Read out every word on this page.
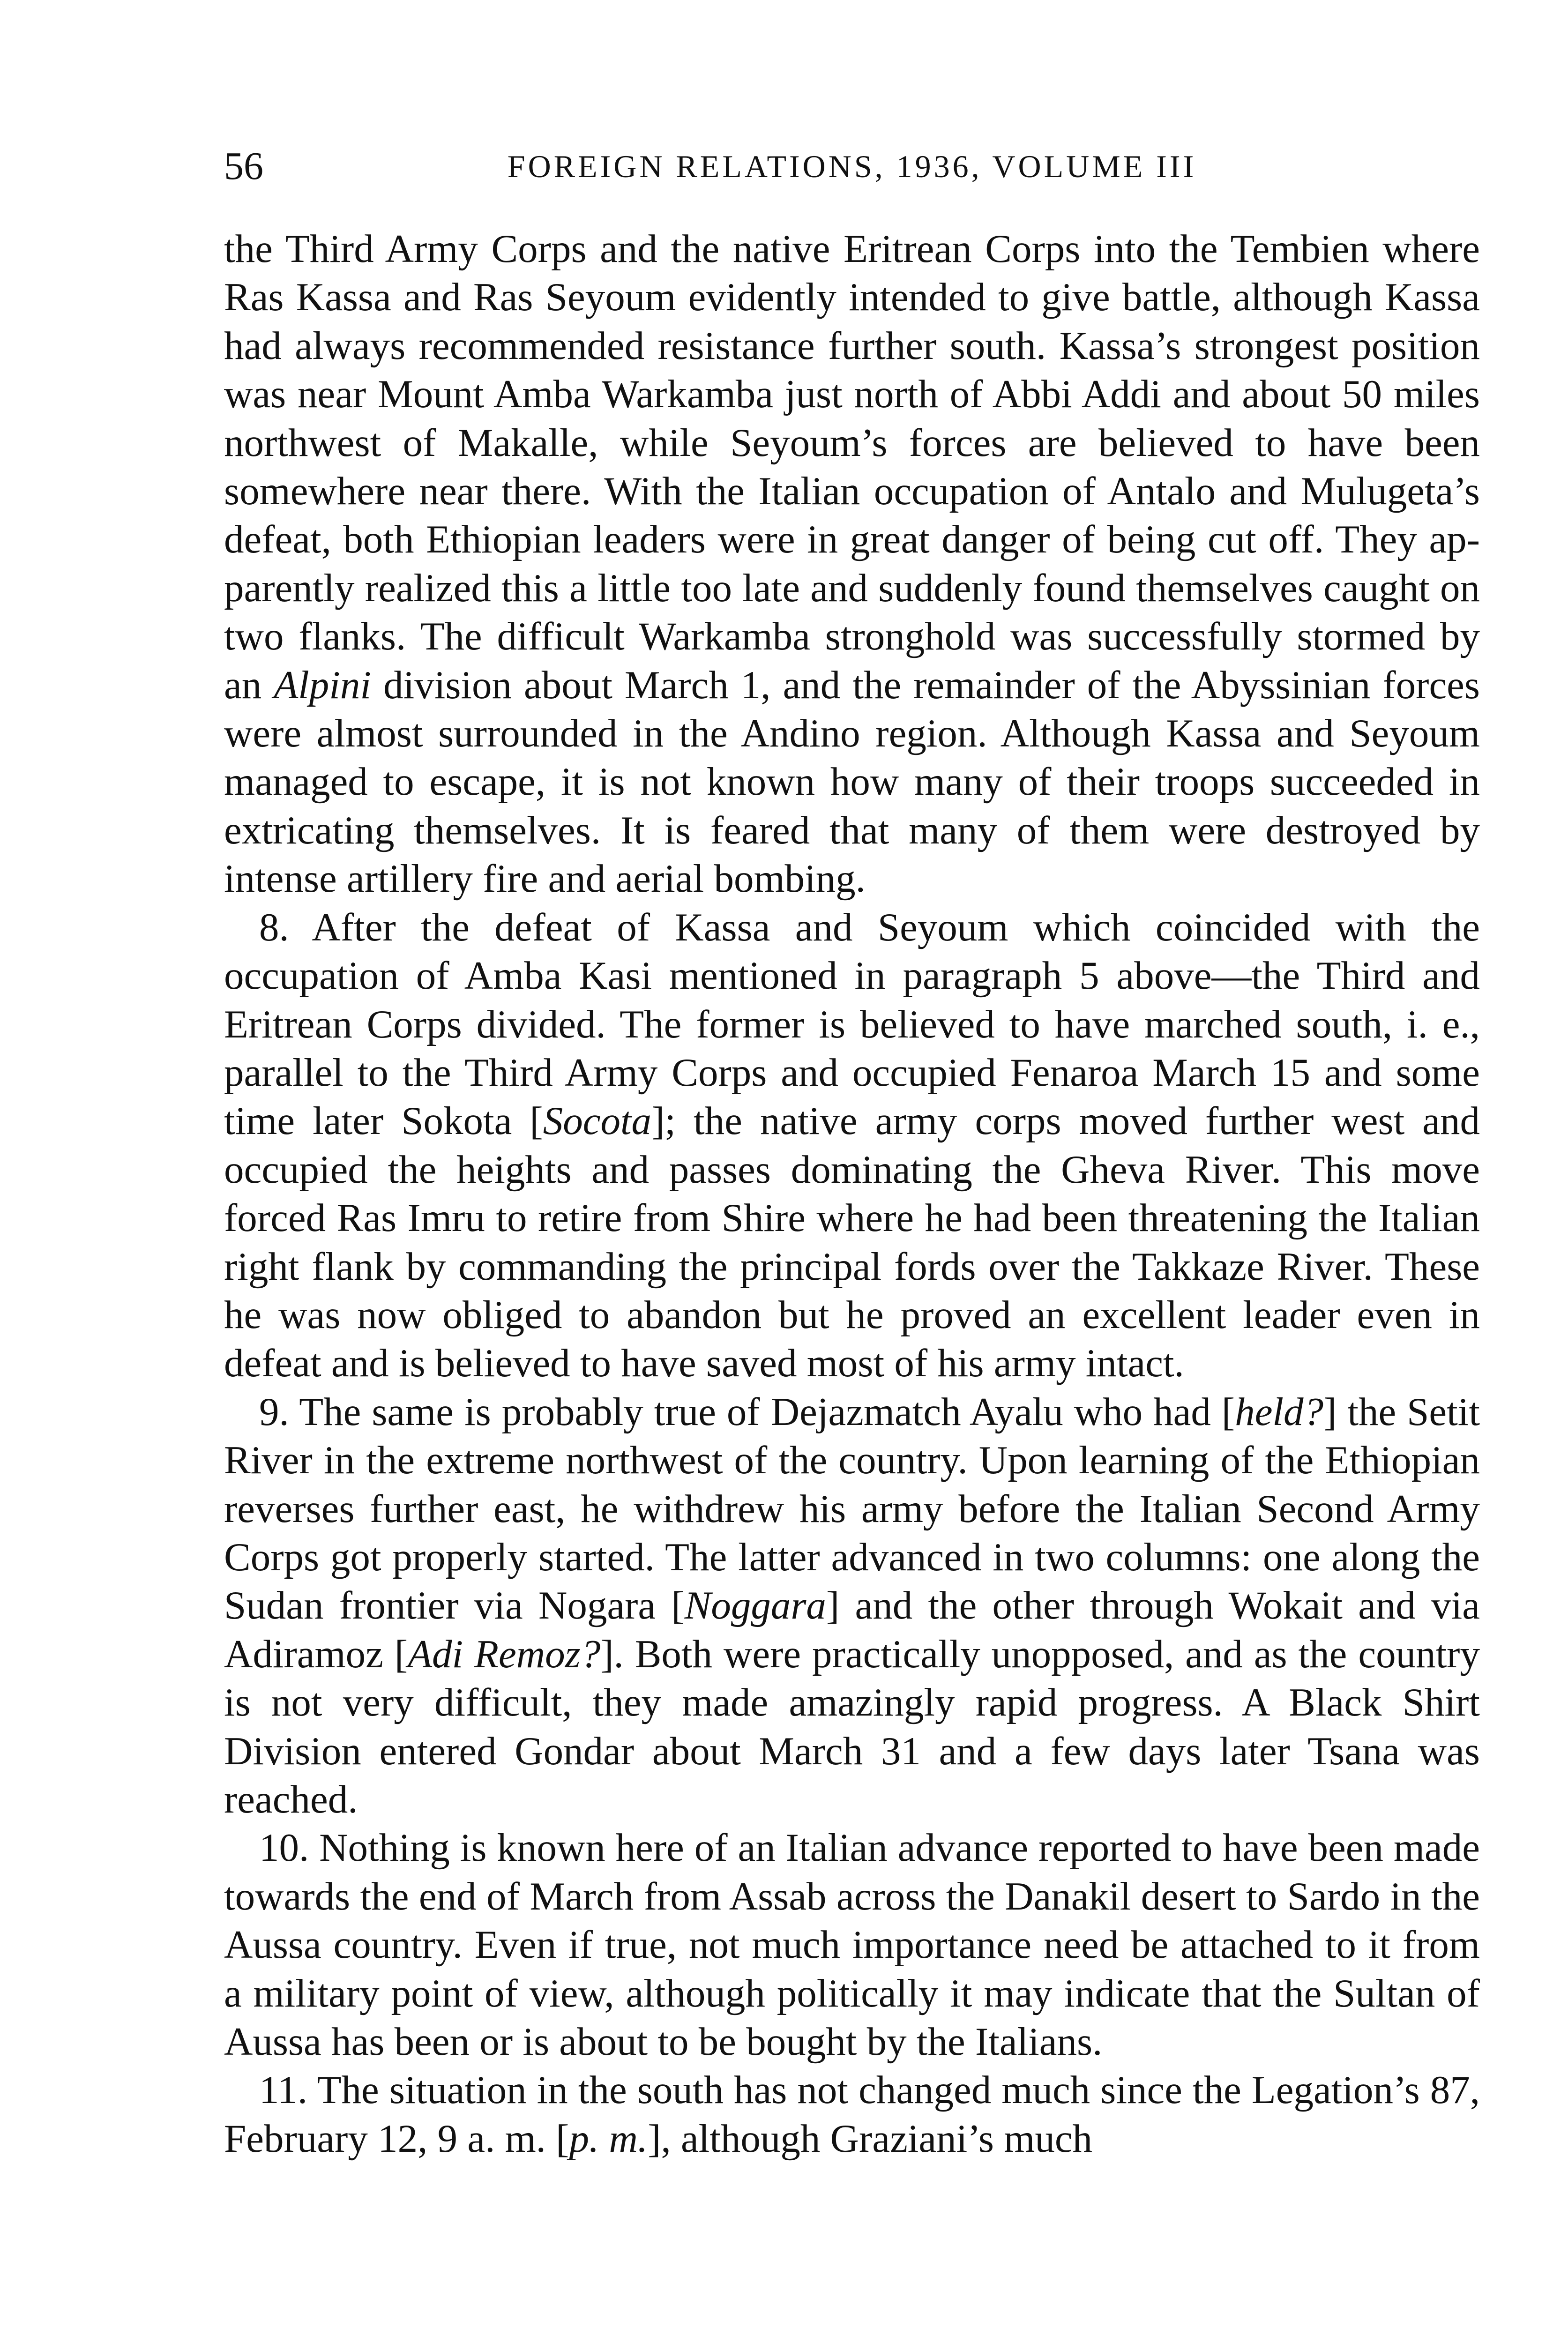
56	FOREIGN RELATIONS, 1936, VOLUME III

the Third Army Corps and the native Eritrean Corps into the Tembien where Ras Kassa and Ras Seyoum evidently intended to give battle, although Kassa had always recommended resistance further south. Kassa’s strongest position was near Mount Amba Warkamba just north of Abbi Addi and about 50 miles northwest of Makalle, while Seyoum’s forces are believed to have been somewhere near there. With the Italian occupation of Antalo and Mulugeta’s defeat, both Ethiopian leaders were in great danger of being cut off. They apparently realized this a little too late and suddenly found themselves caught on two flanks. The difficult Warkamba stronghold was successfully stormed by an Alpini division about March 1, and the remainder of the Abyssinian forces were almost surrounded in the Andino region. Although Kassa and Seyoum managed to escape, it is not known how many of their troops succeeded in extricating themselves. It is feared that many of them were destroyed by intense artillery fire and aerial bombing.

8. After the defeat of Kassa and Seyoum which coincided with the occupation of Amba Kasi mentioned in paragraph 5 above—the Third and Eritrean Corps divided. The former is believed to have marched south, i. e., parallel to the Third Army Corps and occupied Fenaroa March 15 and some time later Sokota [Socota]; the native army corps moved further west and occupied the heights and passes dominating the Gheva River. This move forced Ras Imru to retire from Shire where he had been threatening the Italian right flank by commanding the principal fords over the Takkaze River. These he was now obliged to abandon but he proved an excellent leader even in defeat and is believed to have saved most of his army intact.

9. The same is probably true of Dejazmatch Ayalu who had [held?] the Setit River in the extreme northwest of the country. Upon learning of the Ethiopian reverses further east, he withdrew his army before the Italian Second Army Corps got properly started. The latter advanced in two columns: one along the Sudan frontier via Nogara [Noggara] and the other through Wokait and via Adiramoz [Adi Remoz?]. Both were practically unopposed, and as the country is not very difficult, they made amazingly rapid progress. A Black Shirt Division entered Gondar about March 31 and a few days later Tsana was reached.

10. Nothing is known here of an Italian advance reported to have been made towards the end of March from Assab across the Danakil desert to Sardo in the Aussa country. Even if true, not much importance need be attached to it from a military point of view, although politically it may indicate that the Sultan of Aussa has been or is about to be bought by the Italians.

11. The situation in the south has not changed much since the Legation’s 87, February 12, 9 a. m. [p. m.], although Graziani’s much
